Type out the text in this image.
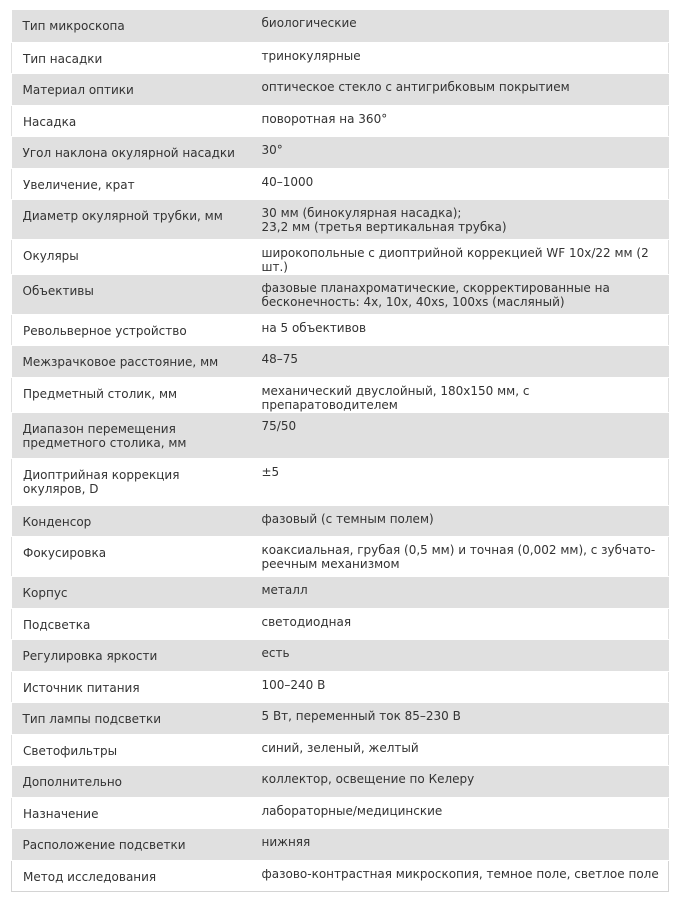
Тип микроскопа	биологические

Тип насадки	тринокулярные

Материал оптики	оптическое стекло с антигрибковым покрытием

Насадка	поворотная на 360°

Угол наклона окулярной насадки	30°

Увеличение, крат	40–1000

Диаметр окулярной трубки, мм	30 мм (бинокулярная насадка);
23,2 мм (третья вертикальная трубка)

Окуляры	широкопольные с диоптрийной коррекцией WF 10х/22 мм (2 шт.)

Объективы	фазовые планахроматические, скорректированные на
бесконечность: 4х, 10х, 40xs, 100xs (масляный)

Револьверное устройство	на 5 объективов

Межзрачковое расстояние, мм	48–75

Предметный столик, мм	механический двуслойный, 180х150 мм, с препаратоводителем

Диапазон перемещения
предметного столика, мм	75/50

Диоптрийная коррекция
окуляров, D	±5

Конденсор	фазовый (с темным полем)

Фокусировка	коаксиальная, грубая (0,5 мм) и точная (0,002 мм), с зубчато-
реечным механизмом

Корпус	металл

Подсветка	светодиодная

Регулировка яркости	есть

Источник питания	100–240 В

Тип лампы подсветки	5 Вт, переменный ток 85–230 В

Светофильтры	синий, зеленый, желтый

Дополнительно	коллектор, освещение по Келеру

Назначение	лабораторные/медицинские

Расположение подсветки	нижняя

Метод исследования	фазово-контрастная микроскопия, темное поле, светлое поле
